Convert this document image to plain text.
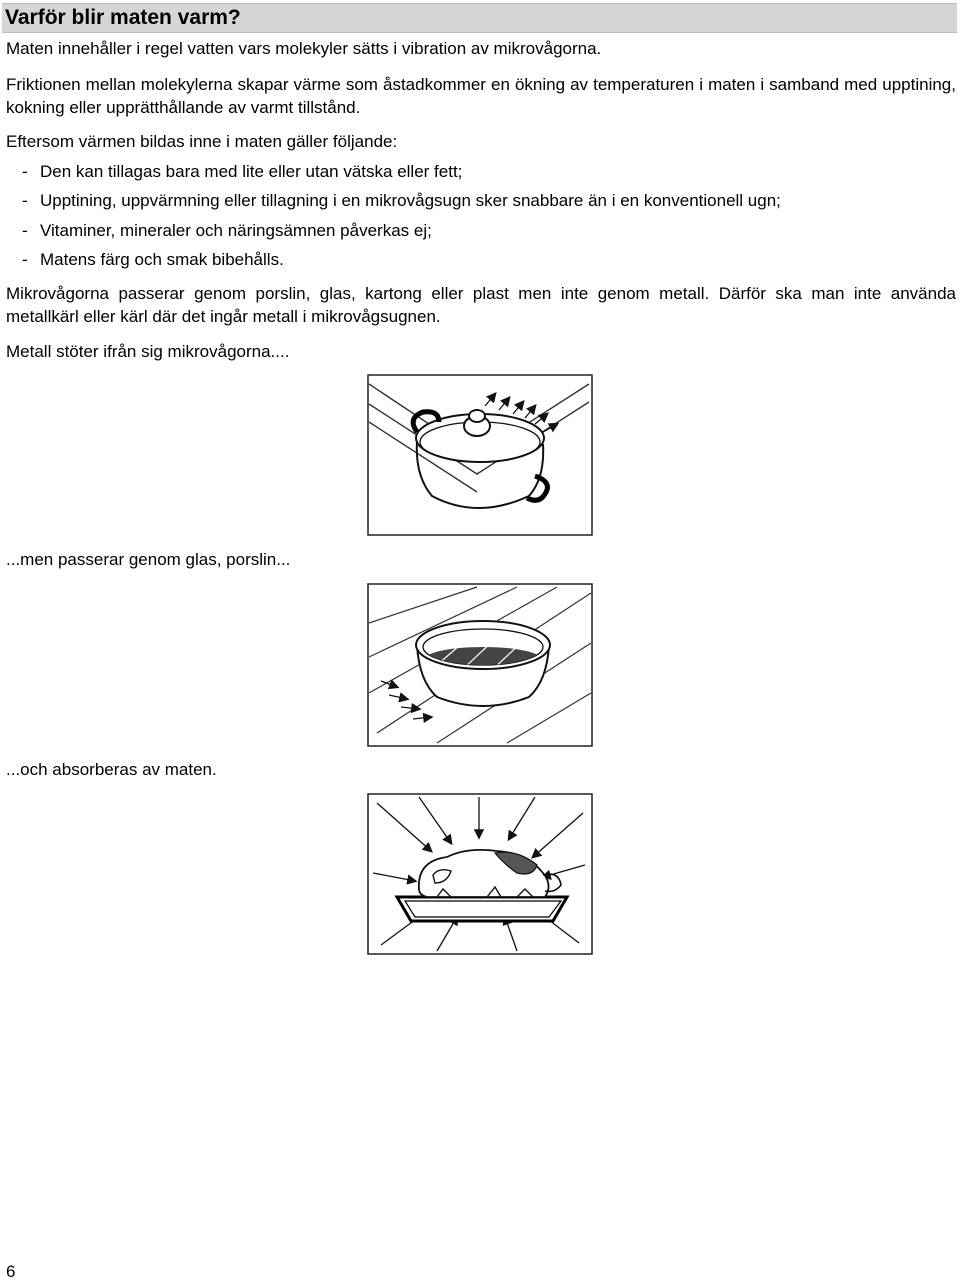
Varför blir maten varm?

Maten innehåller i regel vatten vars molekyler sätts i vibration av mikrovågorna.

Friktionen mellan molekylerna skapar värme som åstadkommer en ökning av temperaturen i maten i samband med upptining, kokning eller upprätthållande av varmt tillstånd.

Eftersom värmen bildas inne i maten gäller följande:

- Den kan tillagas bara med lite eller utan vätska eller fett;
- Upptining, uppvärmning eller tillagning i en mikrovågsugn sker snabbare än i en konventionell ugn;
- Vitaminer, mineraler och näringsämnen påverkas ej;
- Matens färg och smak bibehålls.

Mikrovågorna passerar genom porslin, glas, kartong eller plast men inte genom metall. Därför ska man inte använda metallkärl eller kärl där det ingår metall i mikrovågsugnen.

Metall stöter ifrån sig mikrovågorna....

...men passerar genom glas, porslin...

...och absorberas av maten.

6
